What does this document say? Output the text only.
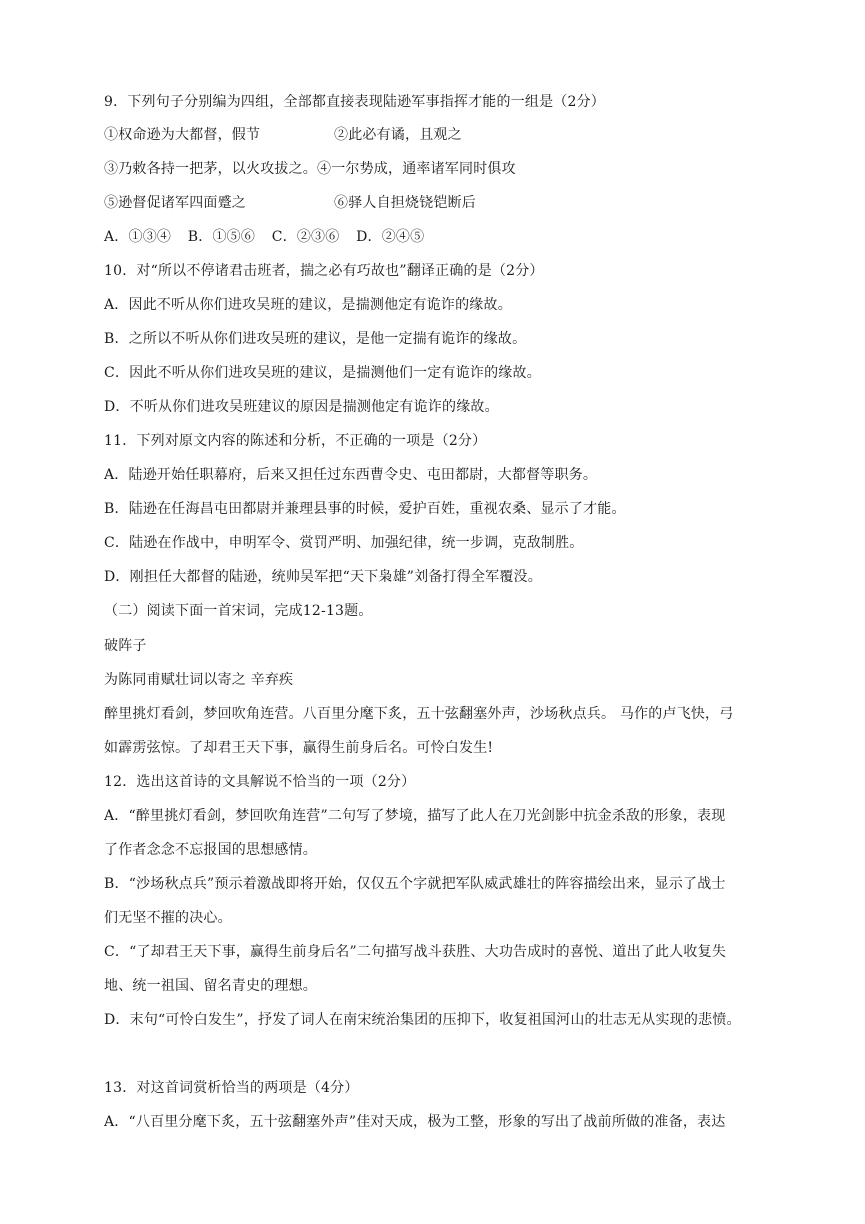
9．下列句子分别编为四组，全部都直接表现陆逊军事指挥才能的一组是（2分）
①权命逊为大都督，假节	②此必有谲，且观之
③乃敕各持一把茅，以火攻拔之。④一尔势成，通率诸军同时俱攻
⑤逊督促诸军四面蹙之	⑥驿人自担烧铙铠断后
A．①③④ B．①⑤⑥ C．②③⑥ D．②④⑤
10．对“所以不停诸君击班者，揣之必有巧故也”翻译正确的是（2分）
A．因此不听从你们进攻吴班的建议，是揣测他定有诡诈的缘故。
B．之所以不听从你们进攻吴班的建议，是他一定揣有诡诈的缘故。
C．因此不听从你们进攻吴班的建议，是揣测他们一定有诡诈的缘故。
D．不听从你们进攻吴班建议的原因是揣测他定有诡诈的缘故。
11．下列对原文内容的陈述和分析，不正确的一项是（2分）
A．陆逊开始任职幕府，后来又担任过东西曹令史、屯田都尉，大都督等职务。
B．陆逊在任海昌屯田都尉并兼理县事的时候，爱护百姓，重视农桑、显示了才能。
C．陆逊在作战中，申明军令、赏罚严明、加强纪律，统一步调，克敌制胜。
D．刚担任大都督的陆逊，统帅吴军把“天下枭雄”刘备打得全军覆没。
（二）阅读下面一首宋词，完成12-13题。
破阵子
为陈同甫赋壮词以寄之 辛弃疾
醉里挑灯看剑，梦回吹角连营。八百里分麾下炙，五十弦翻塞外声，沙场秋点兵。 马作的卢飞快，弓
如霹雳弦惊。了却君王天下事，赢得生前身后名。可怜白发生!
12．选出这首诗的文具解说不恰当的一项（2分）
A．“醉里挑灯看剑，梦回吹角连营”二句写了梦境，描写了此人在刀光剑影中抗金杀敌的形象，表现
了作者念念不忘报国的思想感情。
B．“沙场秋点兵”预示着激战即将开始，仅仅五个字就把军队威武雄壮的阵容描绘出来，显示了战士
们无坚不摧的决心。
C．“了却君王天下事，赢得生前身后名”二句描写战斗获胜、大功告成时的喜悦、道出了此人收复失
地、统一祖国、留名青史的理想。
D．末句“可怜白发生”，抒发了词人在南宋统治集团的压抑下，收复祖国河山的壮志无从实现的悲愤。
13．对这首词赏析恰当的两项是（4分）
A．“八百里分麾下炙，五十弦翻塞外声”佳对天成，极为工整，形象的写出了战前所做的准备，表达
